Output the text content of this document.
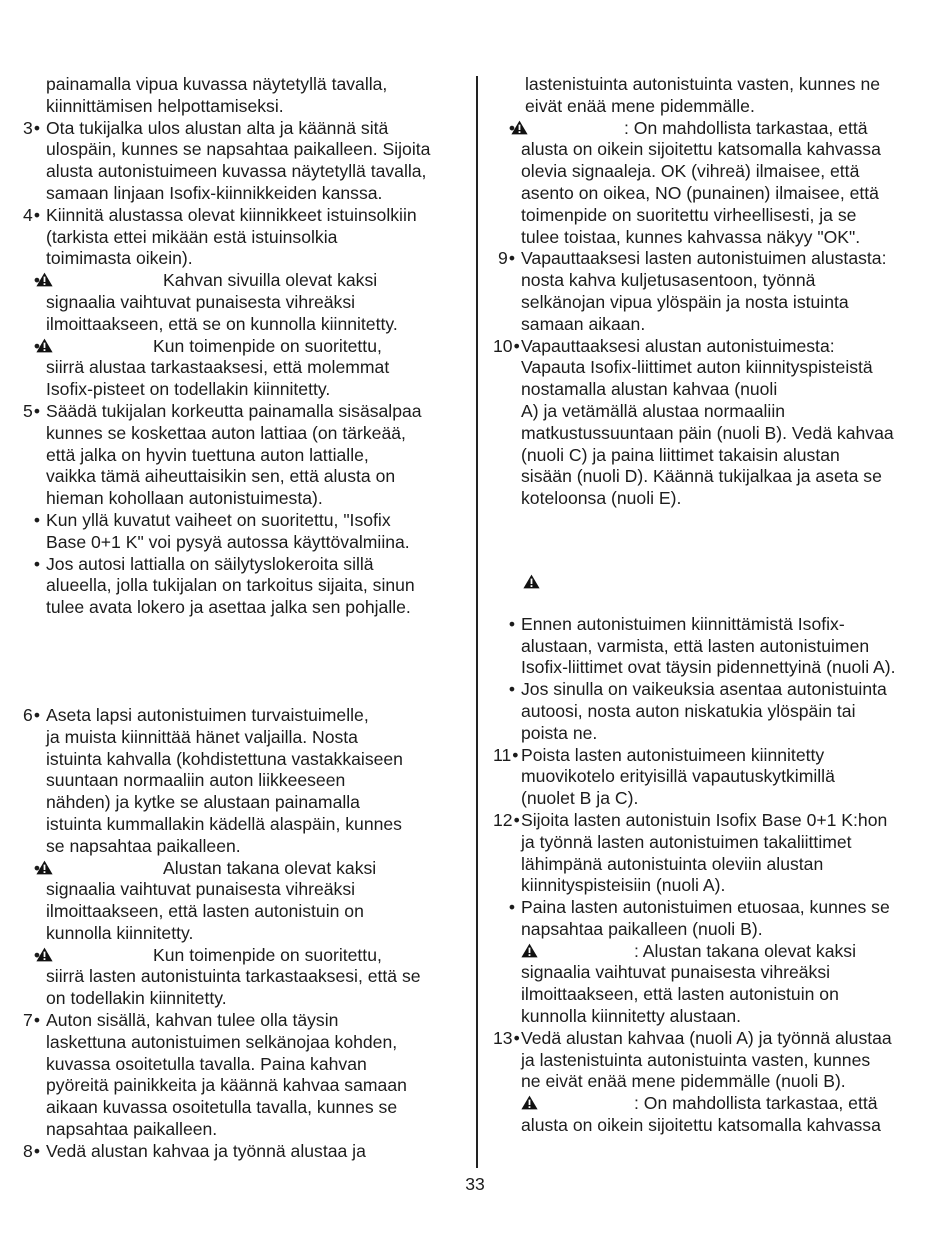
painamalla vipua kuvassa näytetyllä tavalla,
kiinnittämisen helpottamiseksi.
3• Ota tukijalka ulos alustan alta ja käännä sitä
ulospäin, kunnes se napsahtaa paikalleen. Sijoita
alusta autonistuimeen kuvassa näytetyllä tavalla,
samaan linjaan Isofix-kiinnikkeiden kanssa.
4• Kiinnitä alustassa olevat kiinnikkeet istuinsolkiin
(tarkista ettei mikään estä istuinsolkia
toimimasta oikein).
•	Kahvan sivuilla olevat kaksi
signaalia vaihtuvat punaisesta vihreäksi
ilmoittaakseen, että se on kunnolla kiinnitetty.
•	Kun toimenpide on suoritettu,
siirrä alustaa tarkastaaksesi, että molemmat
Isofix-pisteet on todellakin kiinnitetty.
5• Säädä tukijalan korkeutta painamalla sisäsalpaa
kunnes se koskettaa auton lattiaa (on tärkeää,
että jalka on hyvin tuettuna auton lattialle,
vaikka tämä aiheuttaisikin sen, että alusta on
hieman kohollaan autonistuimesta).
• Kun yllä kuvatut vaiheet on suoritettu, "Isofix
Base 0+1 K" voi pysyä autossa käyttövalmiina.
• Jos autosi lattialla on säilytyslokeroita sillä
alueella, jolla tukijalan on tarkoitus sijaita, sinun
tulee avata lokero ja asettaa jalka sen pohjalle.
6• Aseta lapsi autonistuimen turvaistuimelle,
ja muista kiinnittää hänet valjailla. Nosta
istuinta kahvalla (kohdistettuna vastakkaiseen
suuntaan normaaliin auton liikkeeseen
nähden) ja kytke se alustaan painamalla
istuinta kummallakin kädellä alaspäin, kunnes
se napsahtaa paikalleen.
•	Alustan takana olevat kaksi
signaalia vaihtuvat punaisesta vihreäksi
ilmoittaakseen, että lasten autonistuin on
kunnolla kiinnitetty.
•	Kun toimenpide on suoritettu,
siirrä lasten autonistuinta tarkastaaksesi, että se
on todellakin kiinnitetty.
7• Auton sisällä, kahvan tulee olla täysin
laskettuna autonistuimen selkänojaa kohden,
kuvassa osoitetulla tavalla. Paina kahvan
pyöreitä painikkeita ja käännä kahvaa samaan
aikaan kuvassa osoitetulla tavalla, kunnes se
napsahtaa paikalleen.
8• Vedä alustan kahvaa ja työnnä alustaa ja
lastenistuinta autonistuinta vasten, kunnes ne
eivät enää mene pidemmälle.
•	: On mahdollista tarkastaa, että
alusta on oikein sijoitettu katsomalla kahvassa
olevia signaaleja. OK (vihreä) ilmaisee, että
asento on oikea, NO (punainen) ilmaisee, että
toimenpide on suoritettu virheellisesti, ja se
tulee toistaa, kunnes kahvassa näkyy "OK".
9• Vapauttaaksesi lasten autonistuimen alustasta:
nosta kahva kuljetusasentoon, työnnä
selkänojan vipua ylöspäin ja nosta istuinta
samaan aikaan.
10• Vapauttaaksesi alustan autonistuimesta:
Vapauta Isofix-liittimet auton kiinnityspisteistä
nostamalla alustan kahvaa (nuoli
A) ja vetämällä alustaa normaaliin
matkustussuuntaan päin (nuoli B). Vedä kahvaa
(nuoli C) ja paina liittimet takaisin alustan
sisään (nuoli D). Käännä tukijalkaa ja aseta se
koteloonsa (nuoli E).
• Ennen autonistuimen kiinnittämistä Isofix-
alustaan, varmista, että lasten autonistuimen
Isofix-liittimet ovat täysin pidennettyinä (nuoli A).
• Jos sinulla on vaikeuksia asentaa autonistuinta
autoosi, nosta auton niskatukia ylöspäin tai
poista ne.
11• Poista lasten autonistuimeen kiinnitetty
muovikotelo erityisillä vapautuskytkimillä
(nuolet B ja C).
12• Sijoita lasten autonistuin Isofix Base 0+1 K:hon
ja työnnä lasten autonistuimen takaliittimet
lähimpänä autonistuinta oleviin alustan
kiinnityspisteisiin (nuoli A).
• Paina lasten autonistuimen etuosaa, kunnes se
napsahtaa paikalleen (nuoli B).
: Alustan takana olevat kaksi
signaalia vaihtuvat punaisesta vihreäksi
ilmoittaakseen, että lasten autonistuin on
kunnolla kiinnitetty alustaan.
13• Vedä alustan kahvaa (nuoli A) ja työnnä alustaa
ja lastenistuinta autonistuinta vasten, kunnes
ne eivät enää mene pidemmälle (nuoli B).
: On mahdollista tarkastaa, että
alusta on oikein sijoitettu katsomalla kahvassa
33
